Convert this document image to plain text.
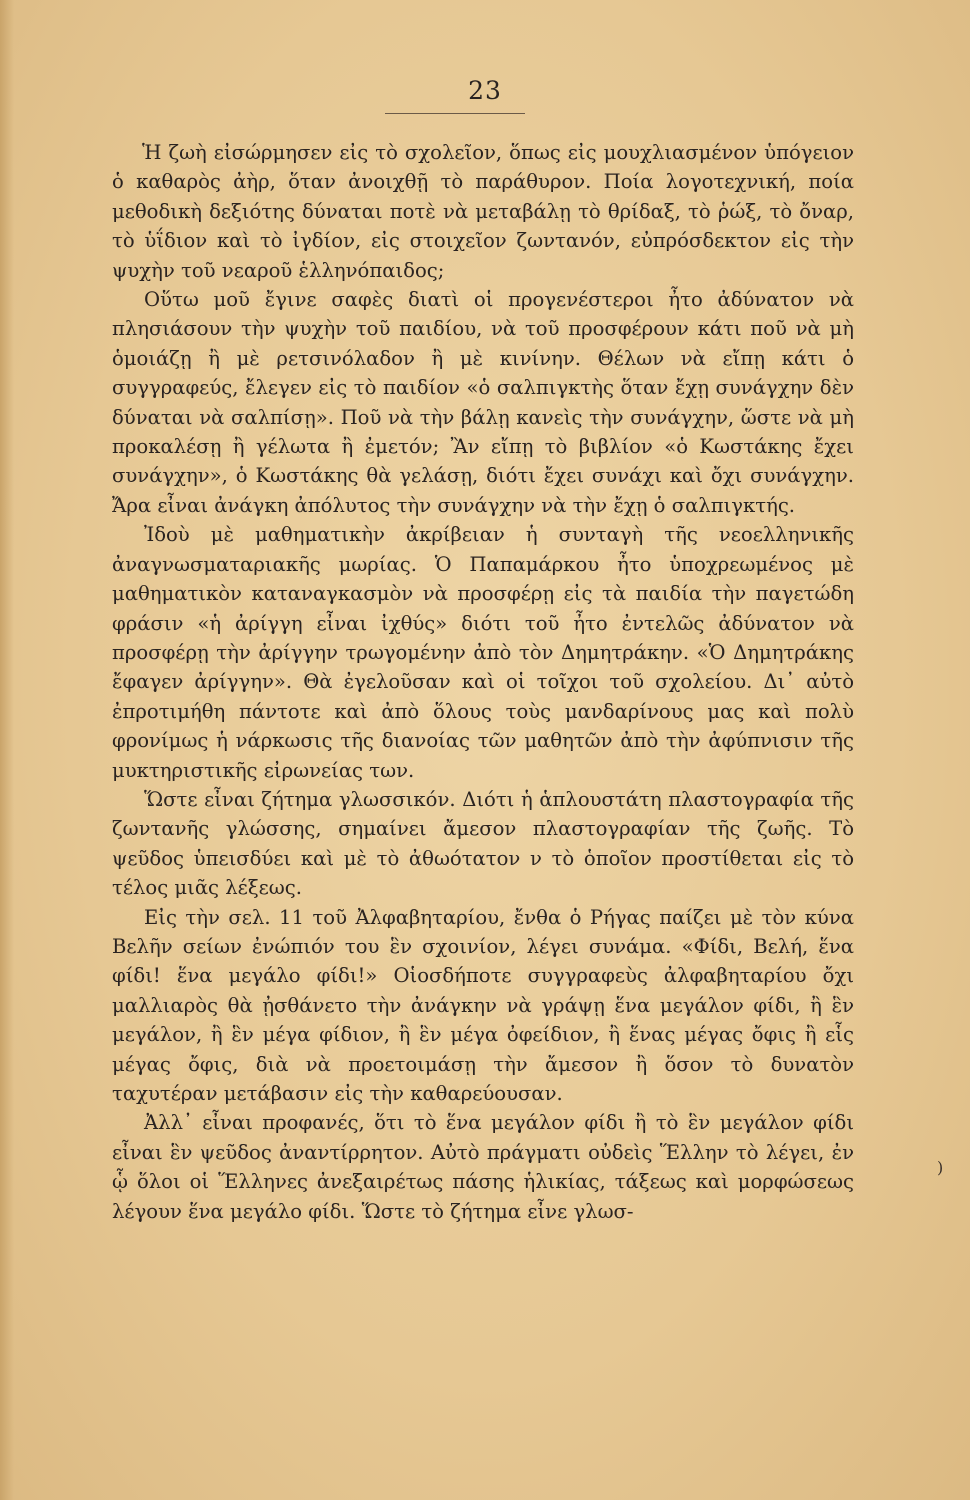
23

Ἡ ζωὴ εἰσώρμησεν εἰς τὸ σχολεῖον, ὅπως εἰς μουχλιασμένον ὑπόγειον ὁ καθαρὸς ἀὴρ, ὅταν ἀνοιχθῇ τὸ παράθυρον. Ποία λογοτεχνική, ποία μεθοδικὴ δεξιότης δύναται ποτὲ νὰ μεταβάλῃ τὸ θρίδαξ, τὸ ῥώξ, τὸ ὄναρ, τὸ ὑΐδιον καὶ τὸ ἰγδίον, εἰς στοιχεῖον ζωντανόν, εὐπρόσδεκτον εἰς τὴν ψυχὴν τοῦ νεαροῦ ἑλληνόπαιδος;

Οὕτω μοῦ ἔγινε σαφὲς διατὶ οἱ προγενέστεροι ἦτο ἀδύνατον νὰ πλησιάσουν τὴν ψυχὴν τοῦ παιδίου, νὰ τοῦ προσφέρουν κάτι ποῦ νὰ μὴ ὁμοιάζῃ ἢ μὲ ρετσινόλαδον ἢ μὲ κινίνην. Θέλων νὰ εἴπῃ κάτι ὁ συγγραφεύς, ἔλεγεν εἰς τὸ παιδίον «ὁ σαλπιγκτὴς ὅταν ἔχῃ συνάγχην δὲν δύναται νὰ σαλπίσῃ». Ποῦ νὰ τὴν βάλῃ κανεὶς τὴν συνάγχην, ὥστε νὰ μὴ προκαλέσῃ ἢ γέλωτα ἢ ἐμετόν; Ἂν εἴπῃ τὸ βιβλίον «ὁ Κωστάκης ἔχει συνάγχην», ὁ Κωστάκης θὰ γελάσῃ, διότι ἔχει συνάχι καὶ ὄχι συνάγχην. Ἄρα εἶναι ἀνάγκη ἀπόλυτος τὴν συνάγχην νὰ τὴν ἔχῃ ὁ σαλπιγκτής.

Ἰδοὺ μὲ μαθηματικὴν ἀκρίβειαν ἡ συνταγὴ τῆς νεοελληνικῆς ἀναγνωσματαριακῆς μωρίας. Ὁ Παπαμάρκου ἦτο ὑποχρεωμένος μὲ μαθηματικὸν καταναγκασμὸν νὰ προσφέρῃ εἰς τὰ παιδία τὴν παγετώδη φράσιν «ἡ ἀρίγγη εἶναι ἰχθύς» διότι τοῦ ἦτο ἐντελῶς ἀδύνατον νὰ προσφέρῃ τὴν ἀρίγγην τρωγομένην ἀπὸ τὸν Δημητράκην. «Ὁ Δημητράκης ἔφαγεν ἀρίγγην». Θὰ ἐγελοῦσαν καὶ οἱ τοῖχοι τοῦ σχολείου. Δι᾽ αὐτὸ ἐπροτιμήθη πάντοτε καὶ ἀπὸ ὅλους τοὺς μανδαρίνους μας καὶ πολὺ φρονίμως ἡ νάρκωσις τῆς διανοίας τῶν μαθητῶν ἀπὸ τὴν ἀφύπνισιν τῆς μυκτηριστικῆς εἰρωνείας των.

Ὥστε εἶναι ζήτημα γλωσσικόν. Διότι ἡ ἁπλουστάτη πλαστογραφία τῆς ζωντανῆς γλώσσης, σημαίνει ἄμεσον πλαστογραφίαν τῆς ζωῆς. Τὸ ψεῦδος ὑπεισδύει καὶ μὲ τὸ ἀθωότατον ν τὸ ὁποῖον προστίθεται εἰς τὸ τέλος μιᾶς λέξεως.

Εἰς τὴν σελ. 11 τοῦ Ἀλφαβηταρίου, ἔνθα ὁ Ρήγας παίζει μὲ τὸν κύνα Βελῆν σείων ἐνώπιόν του ἓν σχοινίον, λέγει συνάμα. «Φίδι, Βελή, ἕνα φίδι! ἕνα μεγάλο φίδι!» Οἱοσδήποτε συγγραφεὺς ἀλφαβηταρίου ὄχι μαλλιαρὸς θὰ ᾐσθάνετο τὴν ἀνάγκην νὰ γράψῃ ἕνα μεγάλον φίδι, ἢ ἓν μεγάλον, ἢ ἓν μέγα φίδιον, ἢ ἓν μέγα ὀφείδιον, ἢ ἕνας μέγας ὄφις ἢ εἷς μέγας ὄφις, διὰ νὰ προετοιμάσῃ τὴν ἄμεσον ἢ ὅσον τὸ δυνατὸν ταχυτέραν μετάβασιν εἰς τὴν καθαρεύουσαν.

Ἀλλ᾽ εἶναι προφανές, ὅτι τὸ ἕνα μεγάλον φίδι ἢ τὸ ἓν μεγάλον φίδι εἶναι ἓν ψεῦδος ἀναντίρρητον. Αὐτὸ πράγματι οὐδεὶς Ἕλλην τὸ λέγει, ἐν ᾧ ὅλοι οἱ Ἕλληνες ἀνεξαιρέτως πάσης ἡλικίας, τάξεως καὶ μορφώσεως λέγουν ἕνα μεγάλο φίδι. Ὥστε τὸ ζήτημα εἶνε γλωσ-

)
